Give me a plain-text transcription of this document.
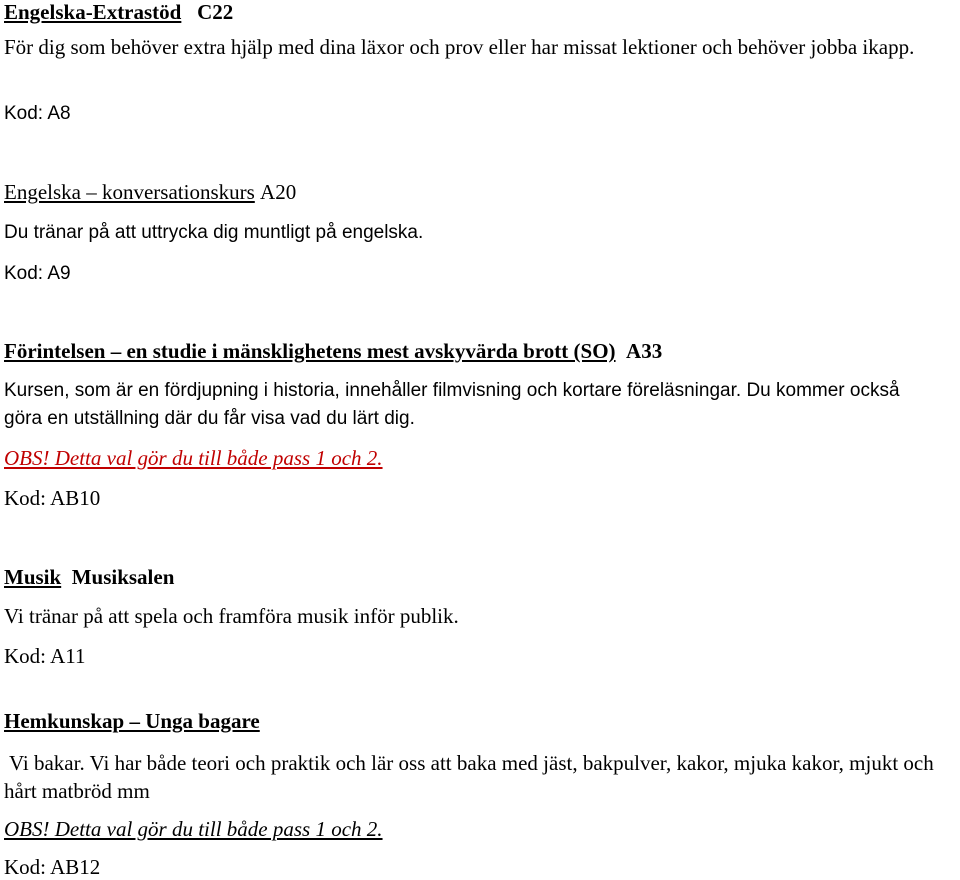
Engelska-Extrastöd C22
För dig som behöver extra hjälp med dina läxor och prov eller har missat lektioner och behöver jobba ikapp.
Kod: A8
Engelska – konversationskurs A20
Du tränar på att uttrycka dig muntligt på engelska.
Kod: A9
Förintelsen – en studie i mänsklighetens mest avskyvärda brott (SO) A33
Kursen, som är en fördjupning i historia, innehåller filmvisning och kortare föreläsningar. Du kommer också göra en utställning där du får visa vad du lärt dig.
OBS! Detta val gör du till både pass 1 och 2.
Kod: AB10
Musik Musiksalen
Vi tränar på att spela och framföra musik inför publik.
Kod: A11
Hemkunskap – Unga bagare
Vi bakar. Vi har både teori och praktik och lär oss att baka med jäst, bakpulver, kakor, mjuka kakor, mjukt och hårt matbröd mm
OBS! Detta val gör du till både pass 1 och 2.
Kod: AB12
